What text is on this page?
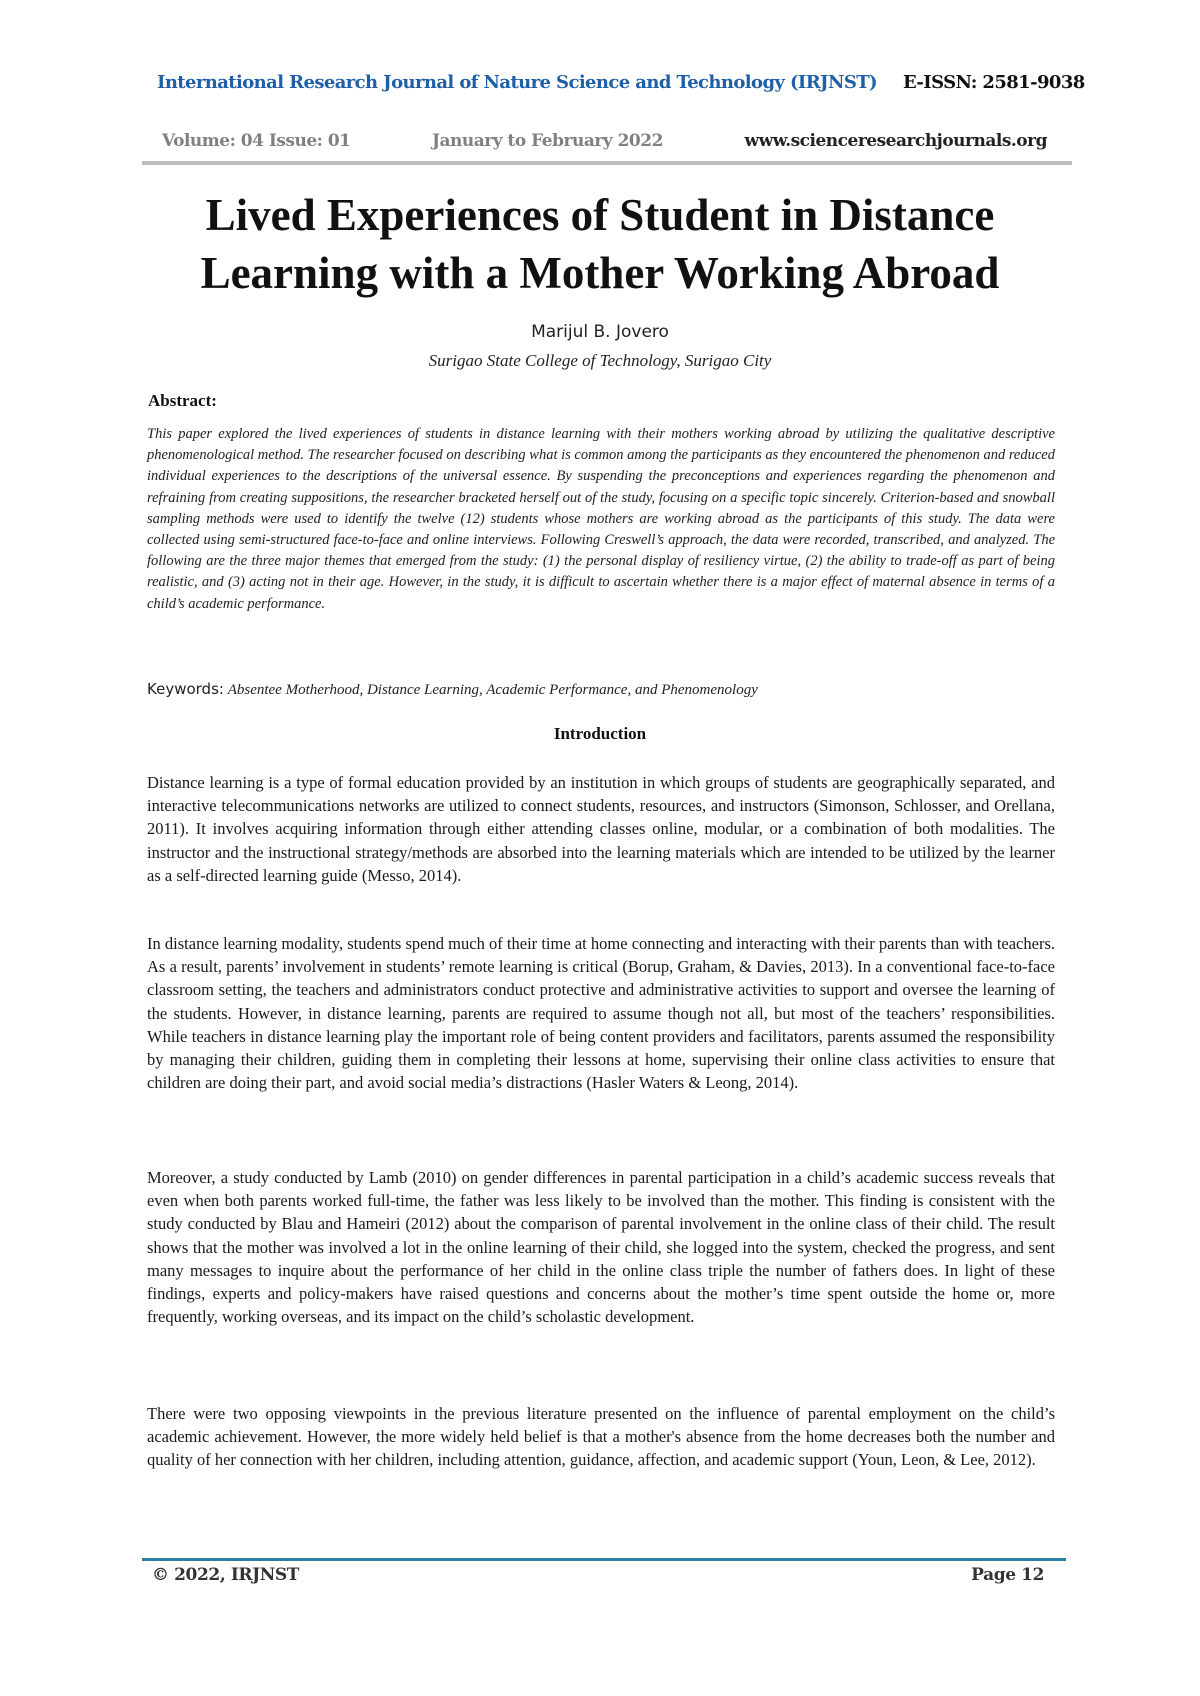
International Research Journal of Nature Science and Technology (IRJNST) E-ISSN: 2581-9038
Volume: 04 Issue: 01	January to February 2022	www.scienceresearchjournals.org
Lived Experiences of Student in Distance
Learning with a Mother Working Abroad
Marijul B. Jovero
Surigao State College of Technology, Surigao City
Abstract:
This paper explored the lived experiences of students in distance learning with their mothers working abroad by utilizing the qualitative descriptive phenomenological method. The researcher focused on describing what is common among the participants as they encountered the phenomenon and reduced individual experiences to the descriptions of the universal essence. By suspending the preconceptions and experiences regarding the phenomenon and refraining from creating suppositions, the researcher bracketed herself out of the study, focusing on a specific topic sincerely. Criterion-based and snowball sampling methods were used to identify the twelve (12) students whose mothers are working abroad as the participants of this study. The data were collected using semi-structured face-to-face and online interviews. Following Creswell’s approach, the data were recorded, transcribed, and analyzed. The following are the three major themes that emerged from the study: (1) the personal display of resiliency virtue, (2) the ability to trade-off as part of being realistic, and (3) acting not in their age. However, in the study, it is difficult to ascertain whether there is a major effect of maternal absence in terms of a child’s academic performance.
Keywords: Absentee Motherhood, Distance Learning, Academic Performance, and Phenomenology
Introduction
Distance learning is a type of formal education provided by an institution in which groups of students are geographically separated, and interactive telecommunications networks are utilized to connect students, resources, and instructors (Simonson, Schlosser, and Orellana, 2011). It involves acquiring information through either attending classes online, modular, or a combination of both modalities. The instructor and the instructional strategy/methods are absorbed into the learning materials which are intended to be utilized by the learner as a self-directed learning guide (Messo, 2014).
In distance learning modality, students spend much of their time at home connecting and interacting with their parents than with teachers. As a result, parents’ involvement in students’ remote learning is critical (Borup, Graham, & Davies, 2013). In a conventional face-to-face classroom setting, the teachers and administrators conduct protective and administrative activities to support and oversee the learning of the students. However, in distance learning, parents are required to assume though not all, but most of the teachers’ responsibilities. While teachers in distance learning play the important role of being content providers and facilitators, parents assumed the responsibility by managing their children, guiding them in completing their lessons at home, supervising their online class activities to ensure that children are doing their part, and avoid social media’s distractions (Hasler Waters & Leong, 2014).
Moreover, a study conducted by Lamb (2010) on gender differences in parental participation in a child’s academic success reveals that even when both parents worked full-time, the father was less likely to be involved than the mother. This finding is consistent with the study conducted by Blau and Hameiri (2012) about the comparison of parental involvement in the online class of their child. The result shows that the mother was involved a lot in the online learning of their child, she logged into the system, checked the progress, and sent many messages to inquire about the performance of her child in the online class triple the number of fathers does. In light of these findings, experts and policy-makers have raised questions and concerns about the mother’s time spent outside the home or, more frequently, working overseas, and its impact on the child’s scholastic development.
There were two opposing viewpoints in the previous literature presented on the influence of parental employment on the child’s academic achievement. However, the more widely held belief is that a mother's absence from the home decreases both the number and quality of her connection with her children, including attention, guidance, affection, and academic support (Youn, Leon, & Lee, 2012).
© 2022, IRJNST	Page 12
